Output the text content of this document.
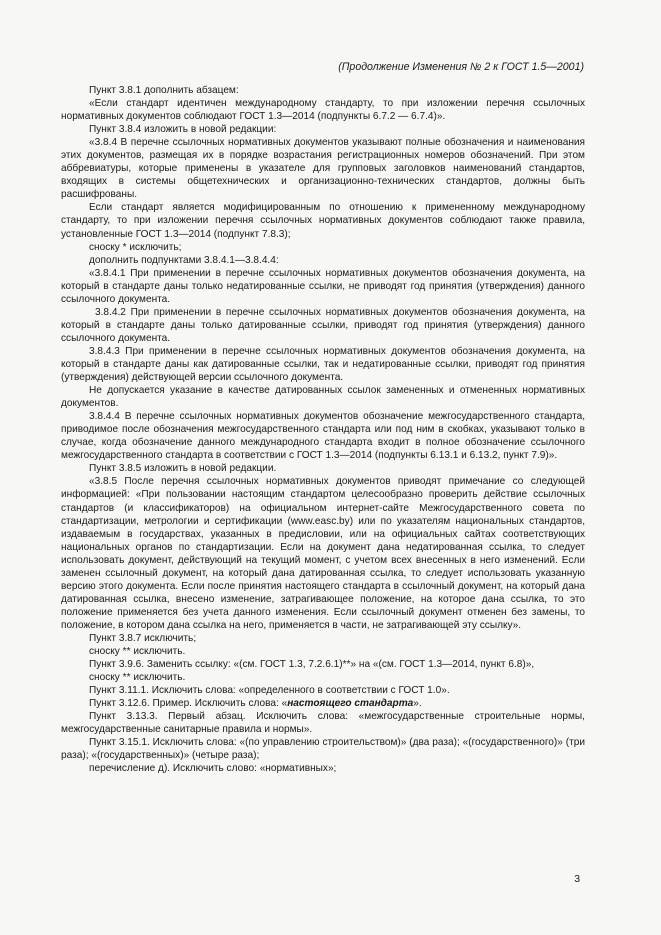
(Продолжение Изменения № 2 к ГОСТ 1.5—2001)

Пункт 3.8.1 дополнить абзацем:

«Если стандарт идентичен международному стандарту, то при изложении перечня ссылочных нормативных документов соблюдают ГОСТ 1.3—2014 (подпункты 6.7.2 — 6.7.4)».

Пункт 3.8.4 изложить в новой редакции:

«3.8.4 В перечне ссылочных нормативных документов указывают полные обозначения и наименования этих документов, размещая их в порядке возрастания регистрационных номеров обозначений. При этом аббревиатуры, которые применены в указателе для групповых заголовков наименований стандартов, входящих в системы общетехнических и организационно-технических стандартов, должны быть расшифрованы.

Если стандарт является модифицированным по отношению к примененному международному стандарту, то при изложении перечня ссылочных нормативных документов соблюдают также правила, установленные ГОСТ 1.3—2014 (подпункт 7.8.3);

сноску * исключить;

дополнить подпунктами 3.8.4.1—3.8.4.4:

«3.8.4.1 При применении в перечне ссылочных нормативных документов обозначения документа, на который в стандарте даны только недатированные ссылки, не приводят год принятия (утверждения) данного ссылочного документа.

3.8.4.2 При применении в перечне ссылочных нормативных документов обозначения документа, на который в стандарте даны только датированные ссылки, приводят год принятия (утверждения) данного ссылочного документа.

3.8.4.3 При применении в перечне ссылочных нормативных документов обозначения документа, на который в стандарте даны как датированные ссылки, так и недатированные ссылки, приводят год принятия (утверждения) действующей версии ссылочного документа.

Не допускается указание в качестве датированных ссылок замененных и отмененных нормативных документов.

3.8.4.4 В перечне ссылочных нормативных документов обозначение межгосударственного стандарта, приводимое после обозначения межгосударственного стандарта или под ним в скобках, указывают только в случае, когда обозначение данного международного стандарта входит в полное обозначение ссылочного межгосударственного стандарта в соответствии с ГОСТ 1.3—2014 (подпункты 6.13.1 и 6.13.2, пункт 7.9)».

Пункт 3.8.5 изложить в новой редакции.

«3.8.5 После перечня ссылочных нормативных документов приводят примечание со следующей информацией: «При пользовании настоящим стандартом целесообразно проверить действие ссылочных стандартов (и классификаторов) на официальном интернет-сайте Межгосударственного совета по стандартизации, метрологии и сертификации (www.easc.by) или по указателям национальных стандартов, издаваемым в государствах, указанных в предисловии, или на официальных сайтах соответствующих национальных органов по стандартизации. Если на документ дана недатированная ссылка, то следует использовать документ, действующий на текущий момент, с учетом всех внесенных в него изменений. Если заменен ссылочный документ, на который дана датированная ссылка, то следует использовать указанную версию этого документа. Если после принятия настоящего стандарта в ссылочный документ, на который дана датированная ссылка, внесено изменение, затрагивающее положение, на которое дана ссылка, то это положение применяется без учета данного изменения. Если ссылочный документ отменен без замены, то положение, в котором дана ссылка на него, применяется в части, не затрагивающей эту ссылку».

Пункт 3.8.7 исключить;

сноску ** исключить.

Пункт 3.9.6. Заменить ссылку: «(см. ГОСТ 1.3, 7.2.6.1)**» на «(см. ГОСТ 1.3—2014, пункт 6.8)»,

сноску ** исключить.

Пункт 3.11.1. Исключить слова: «определенного в соответствии с ГОСТ 1.0».

Пункт 3.12.6. Пример. Исключить слова: «настоящего стандарта».

Пункт 3.13.3. Первый абзац. Исключить слова: «межгосударственные строительные нормы, межгосударственные санитарные правила и нормы».

Пункт 3.15.1. Исключить слова: «(по управлению строительством)» (два раза); «(государственного)» (три раза); «(государственных)» (четыре раза);

перечисление д). Исключить слово: «нормативных»;

3
